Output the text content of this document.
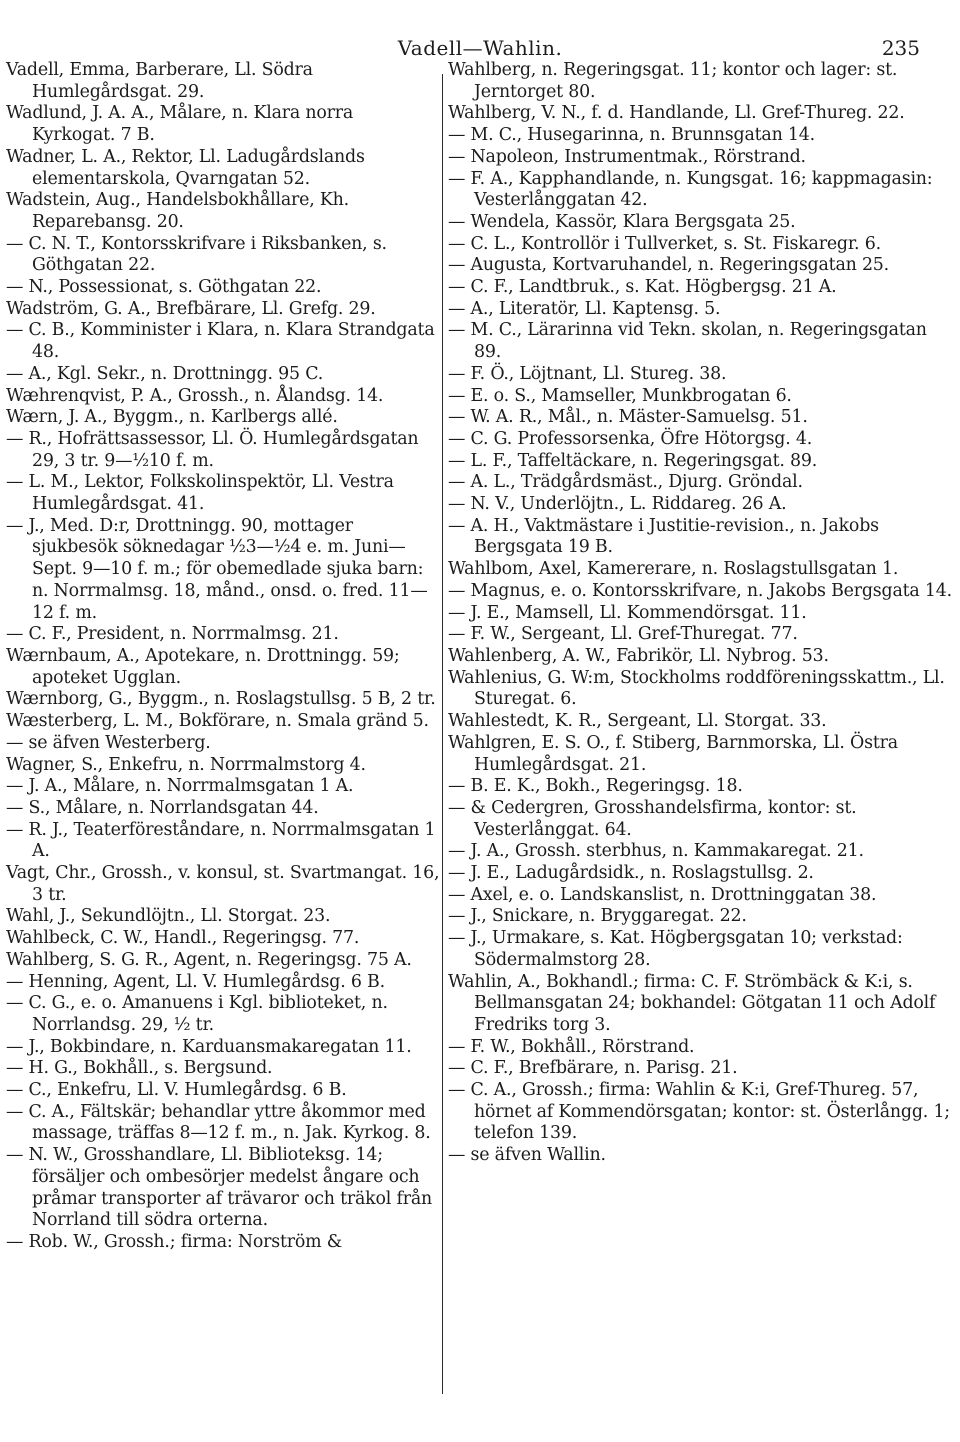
Vadell—Wahlin.	235
Vadell, Emma, Barberare, Ll. Södra Humlegårdsgat. 29.
Wadlund, J. A. A., Målare, n. Klara norra Kyrkogat. 7 B.
Wadner, L. A., Rektor, Ll. Ladugårdslands elementarskola, Qvarngatan 52.
Wadstein, Aug., Handelsbokhållare, Kh. Reparebansg. 20.
— C. N. T., Kontorsskrifvare i Riksbanken, s. Göthgatan 22.
— N., Possessionat, s. Göthgatan 22.
Wadström, G. A., Brefbärare, Ll. Grefg. 29.
— C. B., Komminister i Klara, n. Klara Strandgata 48.
— A., Kgl. Sekr., n. Drottningg. 95 C.
Wæhrenqvist, P. A., Grossh., n. Ålandsg. 14.
Wærn, J. A., Byggm., n. Karlbergs allé.
— R., Hofrättsassessor, Ll. Ö. Humlegårdsgatan 29, 3 tr. 9—½10 f. m.
— L. M., Lektor, Folkskolinspektör, Ll. Vestra Humlegårdsgat. 41.
— J., Med. D:r, Drottningg. 90, mottager sjukbesök söknedagar ½3—½4 e. m. Juni—Sept. 9—10 f. m.; för obemedlade sjuka barn: n. Norrmalmsg. 18, månd., onsd. o. fred. 11—12 f. m.
— C. F., President, n. Norrmalmsg. 21.
Wærnbaum, A., Apotekare, n. Drottningg. 59; apoteket Ugglan.
Wærnborg, G., Byggm., n. Roslagstullsg. 5 B, 2 tr.
Wæsterberg, L. M., Bokförare, n. Smala gränd 5.
— se äfven Westerberg.
Wagner, S., Enkefru, n. Norrmalmstorg 4.
— J. A., Målare, n. Norrmalmsgatan 1 A.
— S., Målare, n. Norrlandsgatan 44.
— R. J., Teaterföreståndare, n. Norrmalmsgatan 1 A.
Vagt, Chr., Grossh., v. konsul, st. Svartmangat. 16, 3 tr.
Wahl, J., Sekundlöjtn., Ll. Storgat. 23.
Wahlbeck, C. W., Handl., Regeringsg. 77.
Wahlberg, S. G. R., Agent, n. Regeringsg. 75 A.
— Henning, Agent, Ll. V. Humlegårdsg. 6 B.
— C. G., e. o. Amanuens i Kgl. biblioteket, n. Norrlandsg. 29, ½ tr.
— J., Bokbindare, n. Karduansmakaregatan 11.
— H. G., Bokhåll., s. Bergsund.
— C., Enkefru, Ll. V. Humlegårdsg. 6 B.
— C. A., Fältskär; behandlar yttre åkommor med massage, träffas 8—12 f. m., n. Jak. Kyrkog. 8.
— N. W., Grosshandlare, Ll. Biblioteksg. 14; försäljer och ombesörjer medelst ångare och pråmar transporter af trävaror och träkol från Norrland till södra orterna.
— Rob. W., Grossh.; firma: Norström &
Wahlberg, n. Regeringsgat. 11; kontor och lager: st. Jerntorget 80.
Wahlberg, V. N., f. d. Handlande, Ll. Gref-Thureg. 22.
— M. C., Husegarinna, n. Brunnsgatan 14.
— Napoleon, Instrumentmak., Rörstrand.
— F. A., Kapphandlande, n. Kungsgat. 16; kappmagasin: Vesterlånggatan 42.
— Wendela, Kassör, Klara Bergsgata 25.
— C. L., Kontrollör i Tullverket, s. St. Fiskaregr. 6.
— Augusta, Kortvaruhandel, n. Regeringsgatan 25.
— C. F., Landtbruk., s. Kat. Högbergsg. 21 A.
— A., Literatör, Ll. Kaptensg. 5.
— M. C., Lärarinna vid Tekn. skolan, n. Regeringsgatan 89.
— F. Ö., Löjtnant, Ll. Stureg. 38.
— E. o. S., Mamseller, Munkbrogatan 6.
— W. A. R., Mål., n. Mäster-Samuelsg. 51.
— C. G. Professorsenka, Öfre Hötorgsg. 4.
— L. F., Taffeltäckare, n. Regeringsgat. 89.
— A. L., Trädgårdsmäst., Djurg. Gröndal.
— N. V., Underlöjtn., L. Riddareg. 26 A.
— A. H., Vaktmästare i Justitie-revision., n. Jakobs Bergsgata 19 B.
Wahlbom, Axel, Kamererare, n. Roslagstullsgatan 1.
— Magnus, e. o. Kontorsskrifvare, n. Jakobs Bergsgata 14.
— J. E., Mamsell, Ll. Kommendörsgat. 11.
— F. W., Sergeant, Ll. Gref-Thuregat. 77.
Wahlenberg, A. W., Fabrikör, Ll. Nybrog. 53.
Wahlenius, G. W:m, Stockholms roddföreningsskattm., Ll. Sturegat. 6.
Wahlestedt, K. R., Sergeant, Ll. Storgat. 33.
Wahlgren, E. S. O., f. Stiberg, Barnmorska, Ll. Östra Humlegårdsgat. 21.
— B. E. K., Bokh., Regeringsg. 18.
— & Cedergren, Grosshandelsfirma, kontor: st. Vesterlånggat. 64.
— J. A., Grossh. sterbhus, n. Kammakaregat. 21.
— J. E., Ladugårdsidk., n. Roslagstullsg. 2.
— Axel, e. o. Landskanslist, n. Drottninggatan 38.
— J., Snickare, n. Bryggaregat. 22.
— J., Urmakare, s. Kat. Högbergsgatan 10; verkstad: Södermalmstorg 28.
Wahlin, A., Bokhandl.; firma: C. F. Strömbäck & K:i, s. Bellmansgatan 24; bokhandel: Götgatan 11 och Adolf Fredriks torg 3.
— F. W., Bokhåll., Rörstrand.
— C. F., Brefbärare, n. Parisg. 21.
— C. A., Grossh.; firma: Wahlin & K:i, Gref-Thureg. 57, hörnet af Kommendörsgatan; kontor: st. Österlångg. 1; telefon 139.
— se äfven Wallin.
